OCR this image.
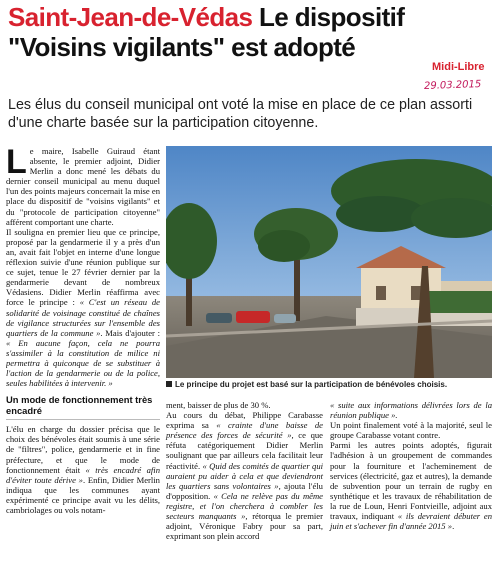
Saint-Jean-de-Védas Le dispositif
"Voisins vigilants" est adopté
Midi-Libre
29.03.2015
Les élus du conseil municipal ont voté la mise en place de ce plan assorti d'une charte basée sur la participation citoyenne.
L e maire, Isabelle Guiraud étant absente, le premier adjoint, Didier Merlin a donc mené les débats du dernier conseil municipal au menu duquel l'un des points majeurs concernait la mise en place du dispositif de "voisins vigilants" et du "protocole de participation citoyenne" afférent comportant une charte.

Il souligna en premier lieu que ce principe, proposé par la gendarmerie il y a près d'un an, avait fait l'objet en interne d'une longue réflexion suivie d'une réunion publique sur ce sujet, tenue le 27 février dernier par la gendarmerie devant de nombreux Védasiens. Didier Merlin réaffirma avec force le principe : « C'est un réseau de solidarité de voisinage constitué de chaînes de vigilance structurées sur l'ensemble des quartiers de la commune ». Mais d'ajouter : « En aucune façon, cela ne pourra s'assimiler à la constitution de milice ni permettra à quiconque de se substituer à l'action de la gendarmerie ou de la police, seules habilitées à intervenir. »

Un mode de fonctionnement très encadré

L'élu en charge du dossier précisa que le choix des bénévoles était soumis à une série de "filtres", police, gendarmerie et in fine préfecture, et que le mode de fonctionnement était « très encadré afin d'éviter toute dérive ». Enfin, Didier Merlin indiqua que les communes ayant expérimenté ce principe avait vu les délits, cambriolages ou vols notam-

Le principe du projet est basé sur la participation de bénévoles choisis.

ment, baisser de plus de 30 %.

Au cours du débat, Philippe Carabasse exprima sa « crainte d'une baisse de présence des forces de sécurité », ce que réfuta catégoriquement Didier Merlin soulignant que par ailleurs cela facilitait leur réactivité. « Quid des comités de quartier qui auraient pu aider à cela et que deviendront les quartiers sans volontaires », ajouta l'élu d'opposition. « Cela ne relève pas du même registre, et l'on cherchera à combler les secteurs manquants », rétorqua le premier adjoint, Véronique Fabry pour sa part, exprimant son plein accord

« suite aux informations délivrées lors de la réunion publique ».

Un point finalement voté à la majorité, seul le groupe Carabasse votant contre.

Parmi les autres points adoptés, figurait l'adhésion à un groupement de commandes pour la fourniture et l'acheminement de services (électricité, gaz et autres), la demande de subvention pour un terrain de rugby en synthétique et les travaux de réhabilitation de la rue de Loun, Henri Fontvieille, adjoint aux travaux, indiquant « ils devraient débuter en juin et s'achever fin d'année 2015 ».
